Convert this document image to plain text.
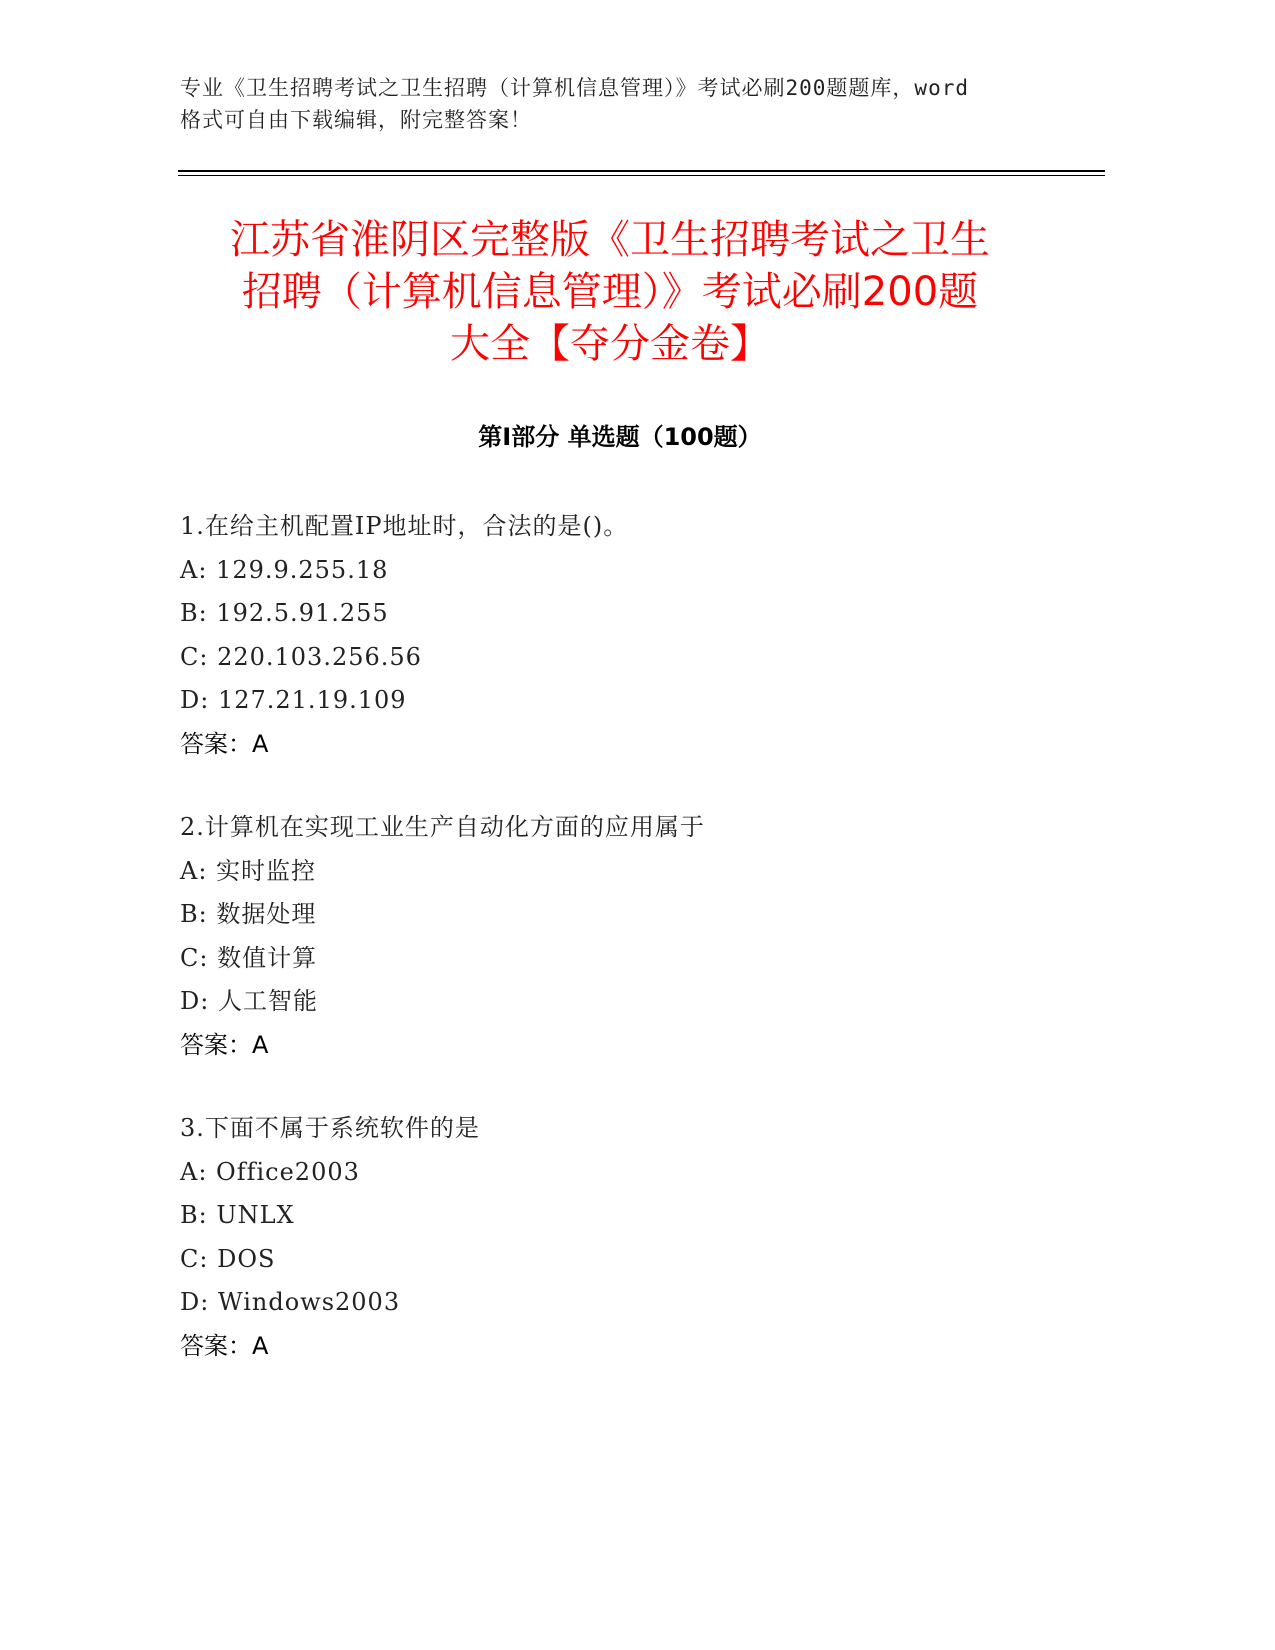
专业《卫生招聘考试之卫生招聘（计算机信息管理）》考试必刷200题题库，word
格式可自由下载编辑，附完整答案！
江苏省淮阴区完整版《卫生招聘考试之卫生
招聘（计算机信息管理）》考试必刷200题
大全【夺分金卷】
第Ⅰ部分 单选题（100题）
1.在给主机配置IP地址时，合法的是()。
A: 129.9.255.18
B: 192.5.91.255
C: 220.103.256.56
D: 127.21.19.109
答案：A
2.计算机在实现工业生产自动化方面的应用属于
A: 实时监控
B: 数据处理
C: 数值计算
D: 人工智能
答案：A
3.下面不属于系统软件的是
A: Office2003
B: UNLX
C: DOS
D: Windows2003
答案：A
